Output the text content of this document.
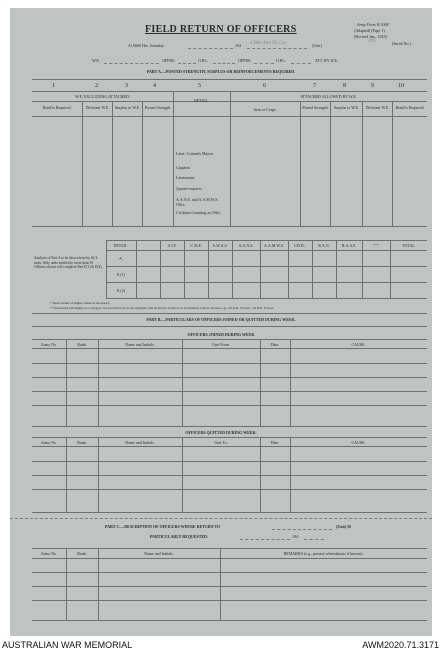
FIELD RETURN OF OFFICERS	Army Form W.3008
(Adapted) (Page 1)
(Revised Jan., 1943)
(Serial No.)
209
At 0600 Hrs. Saturday	194 4 Bde Anti Tk Coy	(Unit)
W.E.	OFFRS.	O.R's.	OFFRS.	O.R's.	ATT. BY W.E.
PART A.—POSTED STRENGTH, SURPLUS OR REINFORCEMENTS REQUIRED.
1	2	3	4	5	6	7	8	9	10
W.E. EXCLUDING ATTACHED.	ATTACHED ALLOWED BY W.E.
DETAIL.
Reinf'ts Required.	Deficient W.E.	Surplus to W.E.	Posted Strength.	Arm or Corps.	Posted Strength.	Surplus to W.E.	Deficient W.E.	Reinf'ts Required.
Lieut.-Colonels Majors
Captains
Lieutenants
Quarter-masters
A.A.N.S. and A.A.M.W.S. Offrs.
Civilians Counting as Offrs.
Analysis of Part A to be shown here by ALL units. Only units entitled to more than 10 Officers shown will complete Part E(1) & E(2).
DETAIL.	A.I.F.	C.M.F.	A.W.A.S.	A.A.N.S.	A.A.M.W.S.	CIVIL.	R.A.N.	R.A.A.F.	* *	TOTAL
A.
E.(1)
E.(2)
* Insert detail of higher ranks as necessary.
** Personnel belonging to a category not provided for in the analysis will be shown in this Col. Particulars will be shown, e.g., 20 U.K. Forces ; 10 N.E. Forces.
PART B.—PARTICULARS OF OFFICERS JOINED OR QUITTED DURING WEEK.
OFFICERS JOINED DURING WEEK
Army No.	Rank.	Name and Initials.	Unit From.	Date.	CAUSE.
OFFICERS QUITTED DURING WEEK.
Army No.	Rank.	Name and Initials.	Unit To.	Date.	CAUSE.
PART C.—DESCRIPTION OF OFFICERS WHOSE RETURN TO	(Unit) IS
PARTICULARLY REQUESTED.	194
Army No.	Rank.	Name and Initials.	REMARKS (e.g., present whereabouts if known).
AUSTRALIAN WAR MEMORIAL	AWM2020.71.3171
